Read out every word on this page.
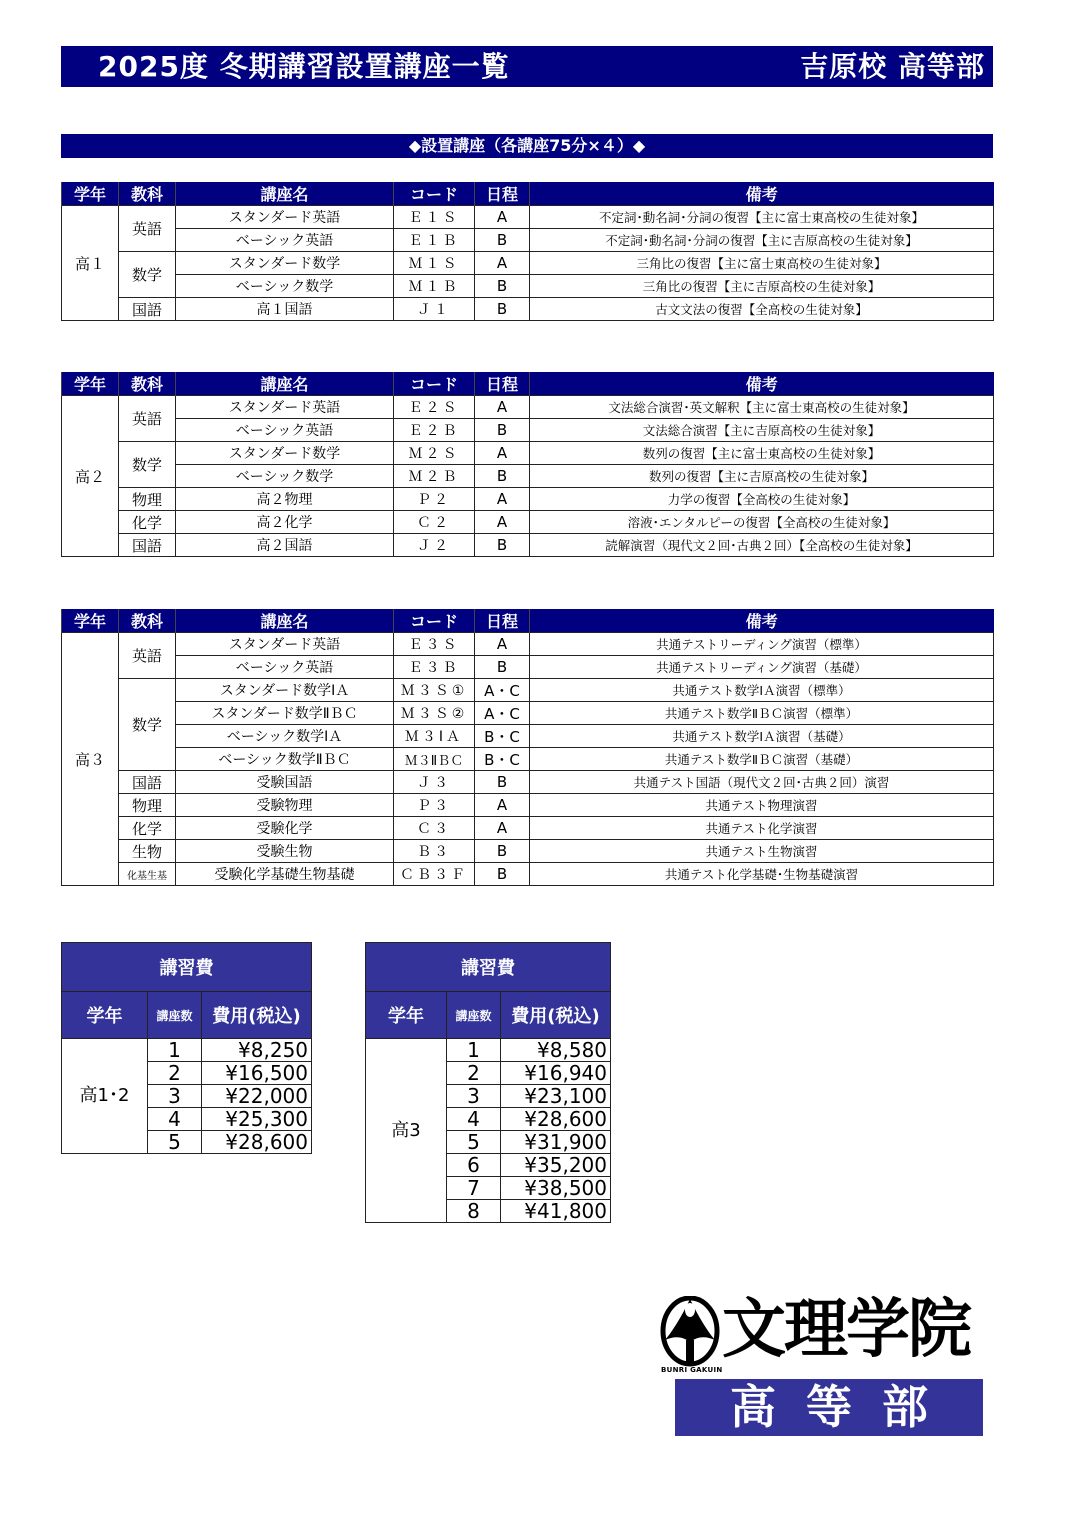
2025度 冬期講習設置講座一覧	吉原校 高等部
◆設置講座（各講座75分×４）◆
学年	教科	講座名	コード	日程	備考
高１	英語	スタンダード英語	Ｅ１Ｓ	A	不定詞･動名詞･分詞の復習【主に富士東高校の生徒対象】
		ベーシック英語	Ｅ１Ｂ	B	不定詞･動名詞･分詞の復習【主に吉原高校の生徒対象】
	数学	スタンダード数学	Ｍ１Ｓ	A	三角比の復習【主に富士東高校の生徒対象】
		ベーシック数学	Ｍ１Ｂ	B	三角比の復習【主に吉原高校の生徒対象】
	国語	高１国語	Ｊ１	B	古文文法の復習【全高校の生徒対象】
学年	教科	講座名	コード	日程	備考
高２	英語	スタンダード英語	Ｅ２Ｓ	A	文法総合演習･英文解釈【主に富士東高校の生徒対象】
		ベーシック英語	Ｅ２Ｂ	B	文法総合演習【主に吉原高校の生徒対象】
	数学	スタンダード数学	Ｍ２Ｓ	A	数列の復習【主に富士東高校の生徒対象】
		ベーシック数学	Ｍ２Ｂ	B	数列の復習【主に吉原高校の生徒対象】
	物理	高２物理	Ｐ２	A	力学の復習【全高校の生徒対象】
	化学	高２化学	Ｃ２	A	溶液･エンタルピーの復習【全高校の生徒対象】
	国語	高２国語	Ｊ２	B	読解演習（現代文２回･古典２回）【全高校の生徒対象】
学年	教科	講座名	コード	日程	備考
高３	英語	スタンダード英語	Ｅ３Ｓ	A	共通テストリーディング演習（標準）
		ベーシック英語	Ｅ３Ｂ	B	共通テストリーディング演習（基礎）
	数学	スタンダード数学ⅠＡ	Ｍ３Ｓ①	A・C	共通テスト数学ⅠＡ演習（標準）
		スタンダード数学ⅡＢＣ	Ｍ３Ｓ②	A・C	共通テスト数学ⅡＢＣ演習（標準）
		ベーシック数学ⅠＡ	Ｍ３ⅠＡ	B・C	共通テスト数学ⅠＡ演習（基礎）
		ベーシック数学ⅡＢＣ	Ｍ３ⅡＢＣ	B・C	共通テスト数学ⅡＢＣ演習（基礎）
	国語	受験国語	Ｊ３	B	共通テスト国語（現代文２回･古典２回）演習
	物理	受験物理	Ｐ３	A	共通テスト物理演習
	化学	受験化学	Ｃ３	A	共通テスト化学演習
	生物	受験生物	Ｂ３	B	共通テスト生物演習
	化基生基	受験化学基礎生物基礎	ＣＢ３Ｆ	B	共通テスト化学基礎･生物基礎演習
講習費		
学年	講座数	費用(税込)
高1･2	1	¥8,250
	2	¥16,500
	3	¥22,000
	4	¥25,300
	5	¥28,600
講習費		
学年	講座数	費用(税込)
高3	1	¥8,580
	2	¥16,940
	3	¥23,100
	4	¥28,600
	5	¥31,900
	6	¥35,200
	7	¥38,500
	8	¥41,800
BUNRI GAKUIN
文理学院
高等部
